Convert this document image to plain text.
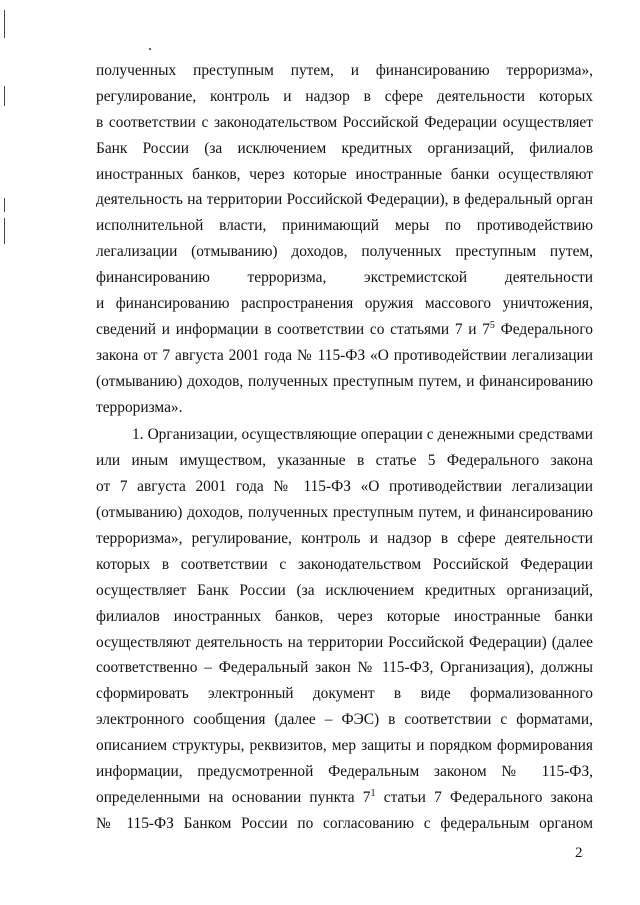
полученных преступным путем, и финансированию терроризма»,
регулирование, контроль и надзор в сфере деятельности которых
в соответствии с законодательством Российской Федерации осуществляет
Банк России (за исключением кредитных организаций, филиалов
иностранных банков, через которые иностранные банки осуществляют
деятельность на территории Российской Федерации), в федеральный орган
исполнительной власти, принимающий меры по противодействию
легализации (отмыванию) доходов, полученных преступным путем,
финансированию терроризма, экстремистской деятельности
и финансированию распространения оружия массового уничтожения,
сведений и информации в соответствии со статьями 7 и $7^5$ Федерального
закона от 7 августа 2001 года № 115-ФЗ «О противодействии легализации
(отмыванию) доходов, полученных преступным путем, и финансированию
терроризма».
1. Организации, осуществляющие операции с денежными средствами
или иным имуществом, указанные в статье 5 Федерального закона
от 7 августа 2001 года № 115-ФЗ «О противодействии легализации
(отмыванию) доходов, полученных преступным путем, и финансированию
терроризма», регулирование, контроль и надзор в сфере деятельности
которых в соответствии с законодательством Российской Федерации
осуществляет Банк России (за исключением кредитных организаций,
филиалов иностранных банков, через которые иностранные банки
осуществляют деятельность на территории Российской Федерации) (далее
соответственно – Федеральный закон № 115-ФЗ, Организация), должны
сформировать электронный документ в виде формализованного
электронного сообщения (далее – ФЭС) в соответствии с форматами,
описанием структуры, реквизитов, мер защиты и порядком формирования
информации, предусмотренной Федеральным законом № 115-ФЗ,
определенными на основании пункта $7^1$ статьи 7 Федерального закона
№ 115-ФЗ Банком России по согласованию с федеральным органом
2
